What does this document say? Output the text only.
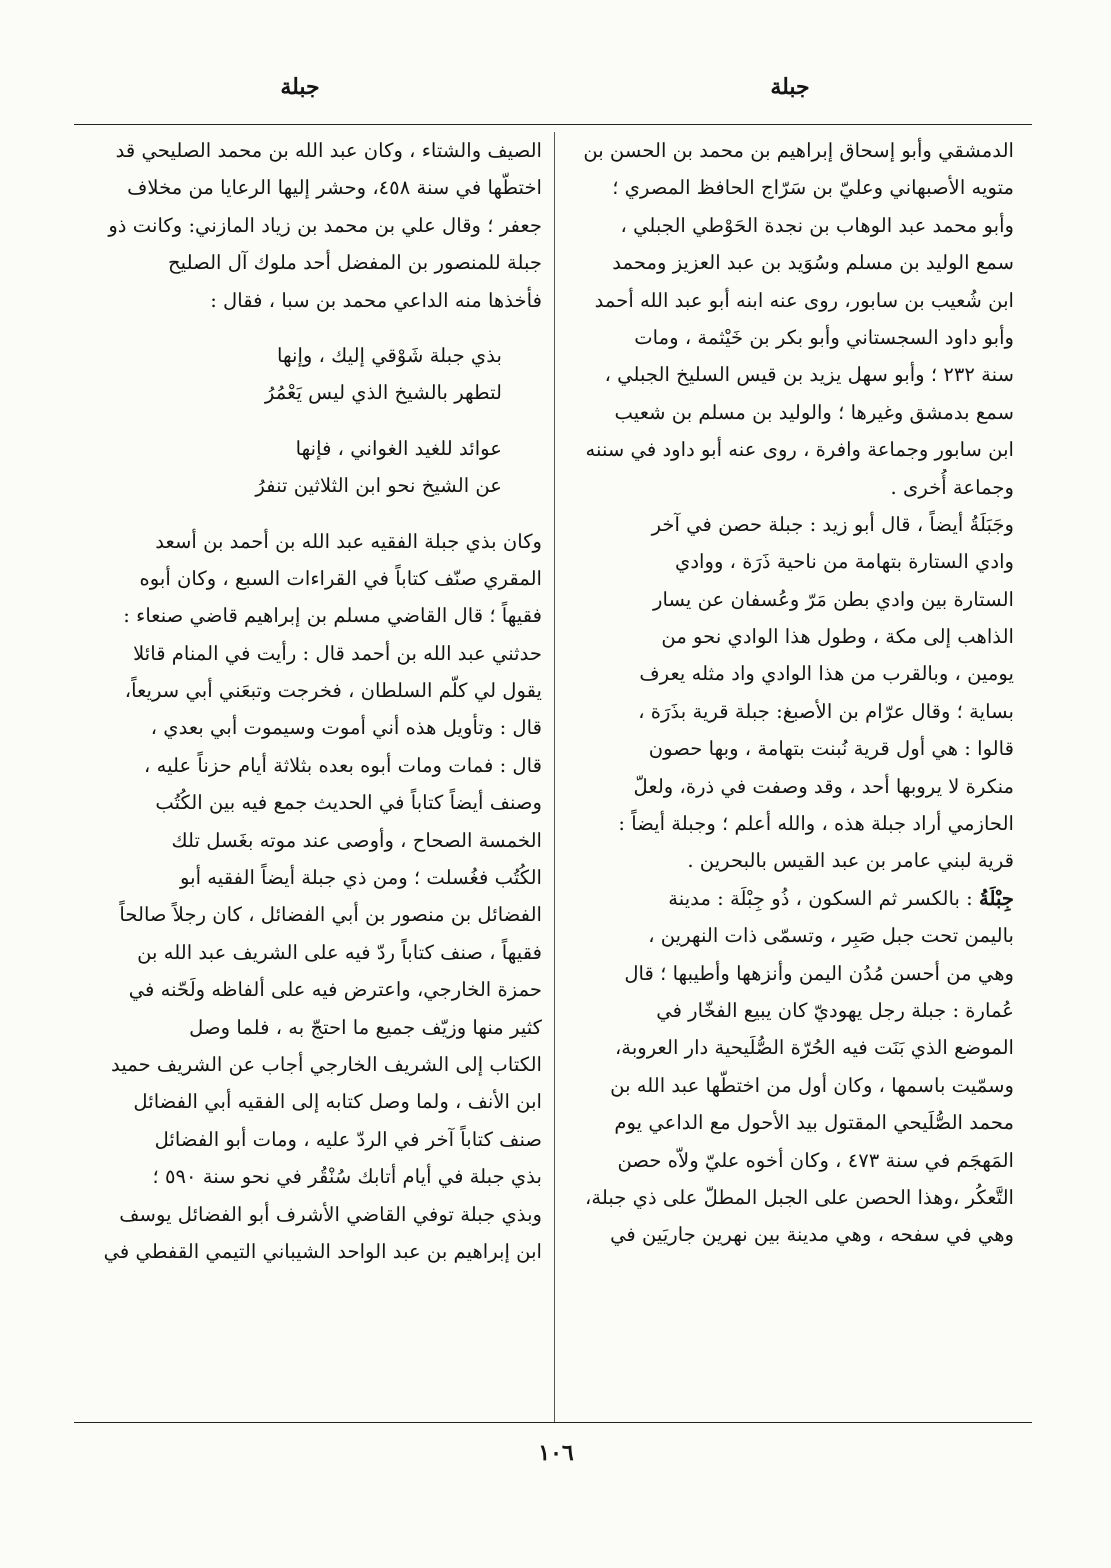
جبلة
جبلة
الدمشقي وأبو إسحاق إبراهيم بن محمد بن الحسن بن
متويه الأصبهاني وعليّ بن سَرّاج الحافظ المصري ؛
وأبو محمد عبد الوهاب بن نجدة الحَوْطي الجبلي ،
سمع الوليد بن مسلم وسُوَيد بن عبد العزيز ومحمد
ابن شُعيب بن سابور، روى عنه ابنه أبو عبد الله أحمد
وأبو داود السجستاني وأبو بكر بن خَيْثمة ، ومات
سنة ٢٣٢ ؛ وأبو سهل يزيد بن قيس السليخ الجبلي ،
سمع بدمشق وغيرها ؛ والوليد بن مسلم بن شعيب
ابن سابور وجماعة وافرة ، روى عنه أبو داود في سننه
وجماعة أُخرى .
وجَبَلَةُ أيضاً ، قال أبو زيد : جبلة حصن في آخر
وادي الستارة بتهامة من ناحية ذَرَة ، ووادي
الستارة بين وادي بطن مَرّ وعُسفان عن يسار
الذاهب إلى مكة ، وطول هذا الوادي نحو من
يومين ، وبالقرب من هذا الوادي واد مثله يعرف
بساية ؛ وقال عرّام بن الأصبغ: جبلة قرية بذَرَة ،
قالوا : هي أول قرية نُبنت بتهامة ، وبها حصون
منكرة لا يروبها أحد ، وقد وصفت في ذرة، ولعلّ
الحازمي أراد جبلة هذه ، والله أعلم ؛ وجبلة أيضاً :
قرية لبني عامر بن عبد القيس بالبحرين .
جِبْلَةُ : بالكسر ثم السكون ، ذُو جِبْلَة : مدينة
باليمن تحت جبل صَبِر ، وتسمّى ذات النهرين ،
وهي من أحسن مُدُن اليمن وأنزهها وأطيبها ؛ قال
عُمارة : جبلة رجل يهوديّ كان يبيع الفخّار في
الموضع الذي بَنَت فيه الحُرّة الصُّلَيحية دار العروبة،
وسمّيت باسمها ، وكان أول من اختطّها عبد الله بن
محمد الصُّلَيحي المقتول بيد الأحول مع الداعي يوم
المَهجَم في سنة ٤٧٣ ، وكان أخوه عليّ ولاّه حصن
التَّعكُر ،وهذا الحصن على الجبل المطلّ على ذي جبلة،
وهي في سفحه ، وهي مدينة بين نهرين جاريَين في
الصيف والشتاء ، وكان عبد الله بن محمد الصليحي قد
اختطّها في سنة ٤٥٨، وحشر إليها الرعايا من مخلاف
جعفر ؛ وقال علي بن محمد بن زياد المازني: وكانت ذو
جبلة للمنصور بن المفضل أحد ملوك آل الصليح
فأخذها منه الداعي محمد بن سبا ، فقال :
بذي جبلة شَوْقي إليك ، وإنها
لتطهر بالشيخ الذي ليس يَعْمُرُ
عوائد للغيد الغواني ، فإنها
عن الشيخ نحو ابن الثلاثين تنفرُ
وكان بذي جبلة الفقيه عبد الله بن أحمد بن أسعد
المقري صنّف كتاباً في القراءات السبع ، وكان أبوه
فقيهاً ؛ قال القاضي مسلم بن إبراهيم قاضي صنعاء :
حدثني عبد الله بن أحمد قال : رأيت في المنام قائلا
يقول لي كلّم السلطان ، فخرجت وتبعَني أبي سريعاً،
قال : وتأويل هذه أني أموت وسيموت أبي بعدي ،
قال : فمات ومات أبوه بعده بثلاثة أيام حزناً عليه ،
وصنف أيضاً كتاباً في الحديث جمع فيه بين الكُتُب
الخمسة الصحاح ، وأوصى عند موته بغَسل تلك
الكُتُب فغُسلت ؛ ومن ذي جبلة أيضاً الفقيه أبو
الفضائل بن منصور بن أبي الفضائل ، كان رجلاً صالحاً
فقيهاً ، صنف كتاباً ردّ فيه على الشريف عبد الله بن
حمزة الخارجي، واعترض فيه على ألفاظه ولَحّنه في
كثير منها وزيّف جميع ما احتجّ به ، فلما وصل
الكتاب إلى الشريف الخارجي أجاب عن الشريف حميد
ابن الأنف ، ولما وصل كتابه إلى الفقيه أبي الفضائل
صنف كتاباً آخر في الردّ عليه ، ومات أبو الفضائل
بذي جبلة في أيام أتابك سُنْقُر في نحو سنة ٥٩٠ ؛
وبذي جبلة توفي القاضي الأشرف أبو الفضائل يوسف
ابن إبراهيم بن عبد الواحد الشيباني التيمي القفطي في
١٠٦
